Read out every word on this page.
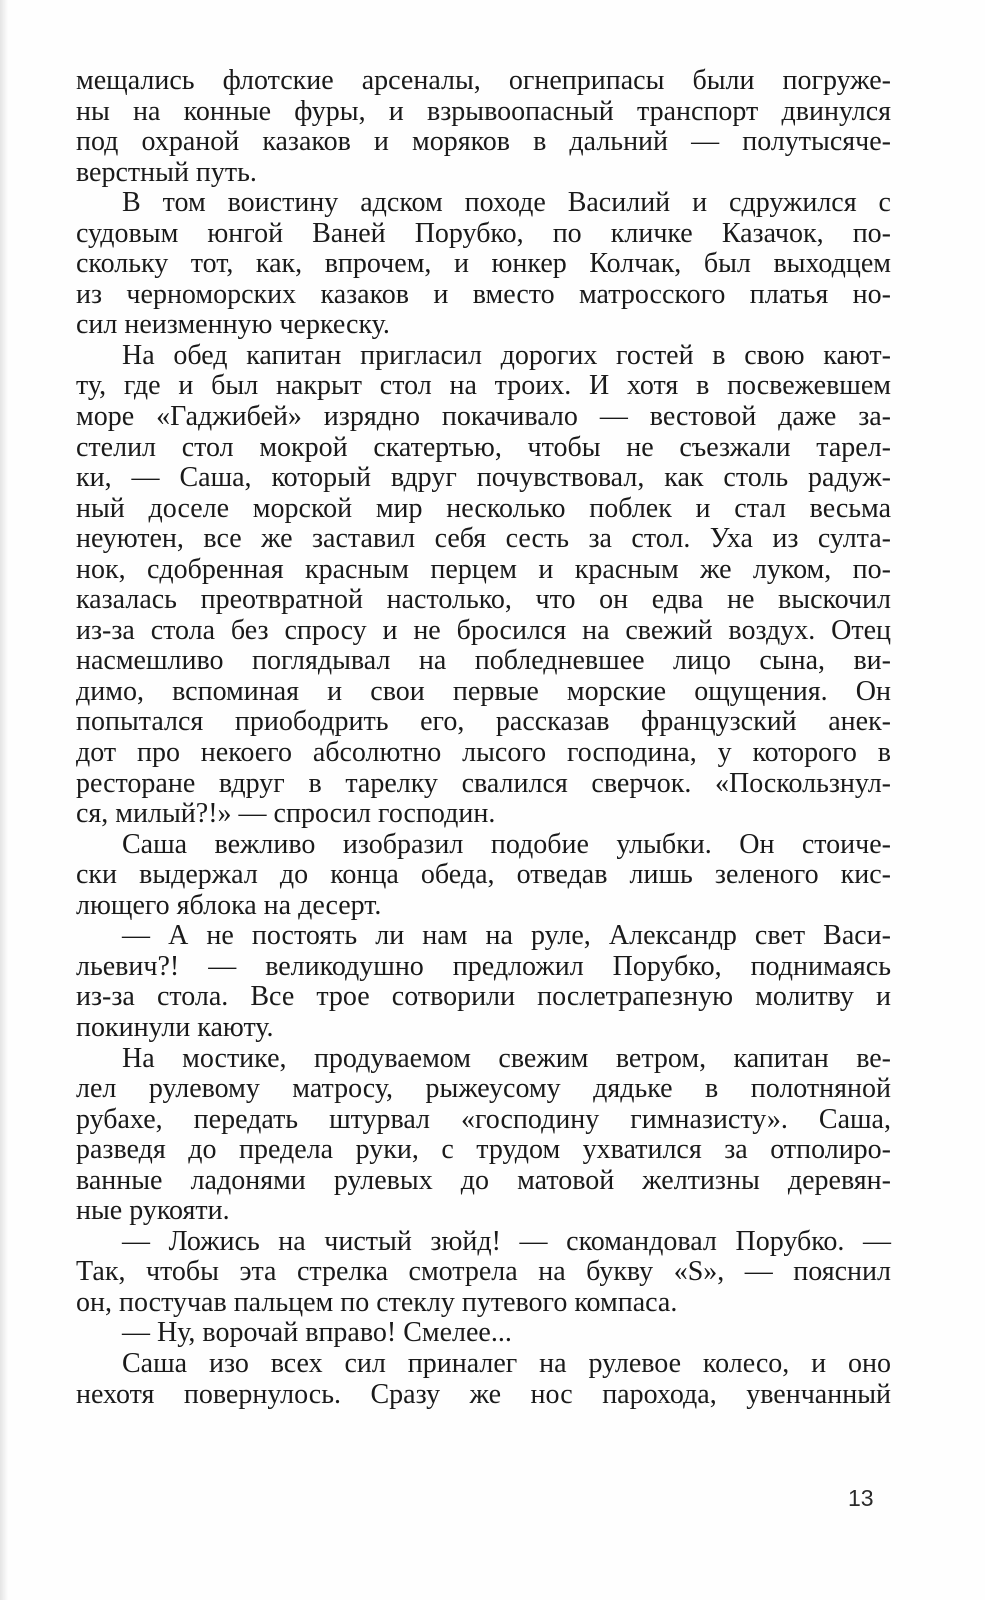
мещались флотские арсеналы, огнеприпасы были погруже-
ны на конные фуры, и взрывоопасный транспорт двинулся
под охраной казаков и моряков в дальний — полутысяче-
верстный путь.
В том воистину адском походе Василий и сдружился с
судовым юнгой Ваней Порубко, по кличке Казачок, по-
скольку тот, как, впрочем, и юнкер Колчак, был выходцем
из черноморских казаков и вместо матросского платья но-
сил неизменную черкеску.
На обед капитан пригласил дорогих гостей в свою кают-
ту, где и был накрыт стол на троих. И хотя в посвежевшем
море «Гаджибей» изрядно покачивало — вестовой даже за-
стелил стол мокрой скатертью, чтобы не съезжали тарел-
ки, — Саша, который вдруг почувствовал, как столь радуж-
ный доселе морской мир несколько поблек и стал весьма
неуютен, все же заставил себя сесть за стол. Уха из султа-
нок, сдобренная красным перцем и красным же луком, по-
казалась преотвратной настолько, что он едва не выскочил
из-за стола без спросу и не бросился на свежий воздух. Отец
насмешливо поглядывал на побледневшее лицо сына, ви-
димо, вспоминая и свои первые морские ощущения. Он
попытался приободрить его, рассказав французский анек-
дот про некоего абсолютно лысого господина, у которого в
ресторане вдруг в тарелку свалился сверчок. «Поскользнул-
ся, милый?!» — спросил господин.
Саша вежливо изобразил подобие улыбки. Он стоиче-
ски выдержал до конца обеда, отведав лишь зеленого кис-
лющего яблока на десерт.
— А не постоять ли нам на руле, Александр свет Васи-
льевич?! — великодушно предложил Порубко, поднимаясь
из-за стола. Все трое сотворили послетрапезную молитву и
покинули каюту.
На мостике, продуваемом свежим ветром, капитан ве-
лел рулевому матросу, рыжеусому дядьке в полотняной
рубахе, передать штурвал «господину гимназисту». Саша,
разведя до предела руки, с трудом ухватился за отполиро-
ванные ладонями рулевых до матовой желтизны деревян-
ные рукояти.
— Ложись на чистый зюйд! — скомандовал Порубко. —
Так, чтобы эта стрелка смотрела на букву «S», — пояснил
он, постучав пальцем по стеклу путевого компаса.
— Ну, ворочай вправо! Смелее...
Саша изо всех сил приналег на рулевое колесо, и оно
нехотя повернулось. Сразу же нос парохода, увенчанный
13
